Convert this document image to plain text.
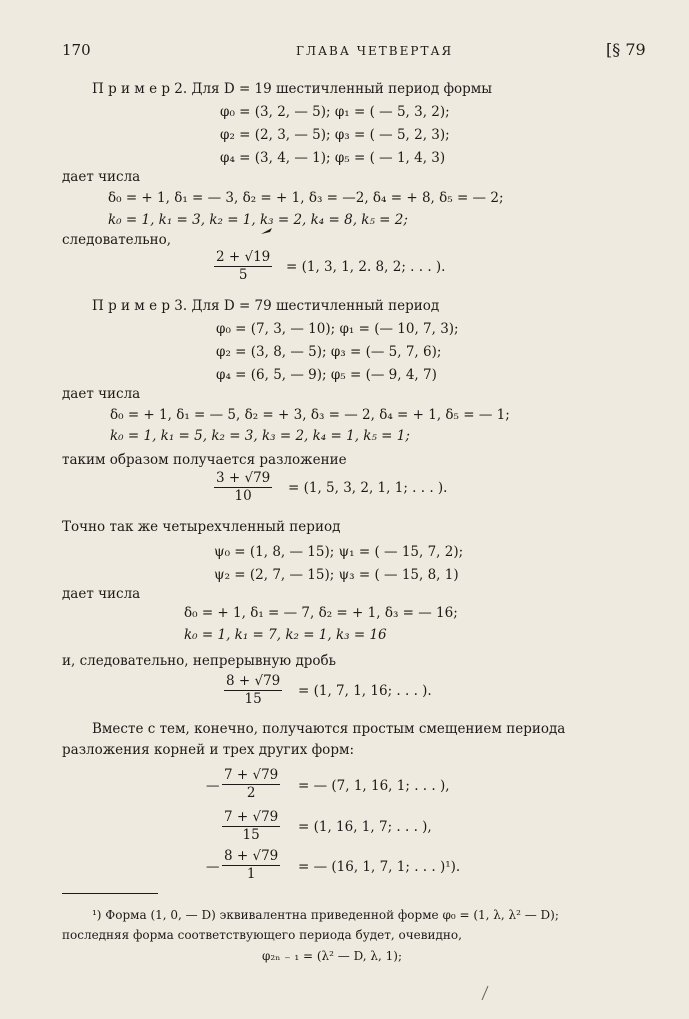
170	ГЛАВА ЧЕТВЕРТАЯ	[§ 79
П р и м е р 2. Для D = 19 шестичленный период формы
φ₀ = (3, 2, — 5); φ₁ = ( — 5, 3, 2);
φ₂ = (2, 3, — 5); φ₃ = ( — 5, 2, 3);
φ₄ = (3, 4, — 1); φ₅ = ( — 1, 4, 3)
дает числа
δ₀ = + 1, δ₁ = — 3, δ₂ = + 1, δ₃ = —2, δ₄ = + 8, δ₅ = — 2;
k₀ = 1, k₁ = 3, k₂ = 1, k₃ = 2, k₄ = 8, k₅ = 2;
следовательно,
$\frac{2 + √19}{5} = (1$, 3, 1, 2. 8, 2; . . . ).
П р и м е р 3. Для D = 79 шестичленный период
φ₀ = (7, 3, — 10); φ₁ = (— 10, 7, 3);
φ₂ = (3, 8, — 5); φ₃ = (— 5, 7, 6);
φ₄ = (6, 5, — 9); φ₅ = (— 9, 4, 7)
дает числа
δ₀ = + 1, δ₁ = — 5, δ₂ = + 3, δ₃ = — 2, δ₄ = + 1, δ₅ = — 1;
k₀ = 1, k₁ = 5, k₂ = 3, k₃ = 2, k₄ = 1, k₅ = 1;
таким образом получается разложение
$\frac{3 + √79}{10} = (1$, 5, 3, 2, 1, 1; . . . ).
Точно так же четырехчленный период
ψ₀ = (1, 8, — 15); ψ₁ = ( — 15, 7, 2);
ψ₂ = (2, 7, — 15); ψ₃ = ( — 15, 8, 1)
дает числа
δ₀ = + 1, δ₁ = — 7, δ₂ = + 1, δ₃ = — 16;
k₀ = 1, k₁ = 7, k₂ = 1, k₃ = 16
и, следовательно, непрерывную дробь
$\frac{8 + √79}{15} = (1$, 7, 1, 16; . . . ).
Вместе с тем, конечно, получаются простым смещением периода
разложения корней и трех других форм:
— $\frac{7 + √79}{2}$ = — (7, 1, 16, 1; . . . ),
$\frac{7 + √79}{15} = (1$, 16, 1, 7; . . . ),
— $\frac{8 + √79}{1}$ = — (16, 1, 7, 1; . . . )¹).
¹) Форма (1, 0, — D) эквивалентна приведенной форме φ₀ = (1, λ, λ² — D);
последняя форма соответствующего периода будет, очевидно,
φ₂ₙ ₋ ₁ = (λ² — D, λ, 1);
